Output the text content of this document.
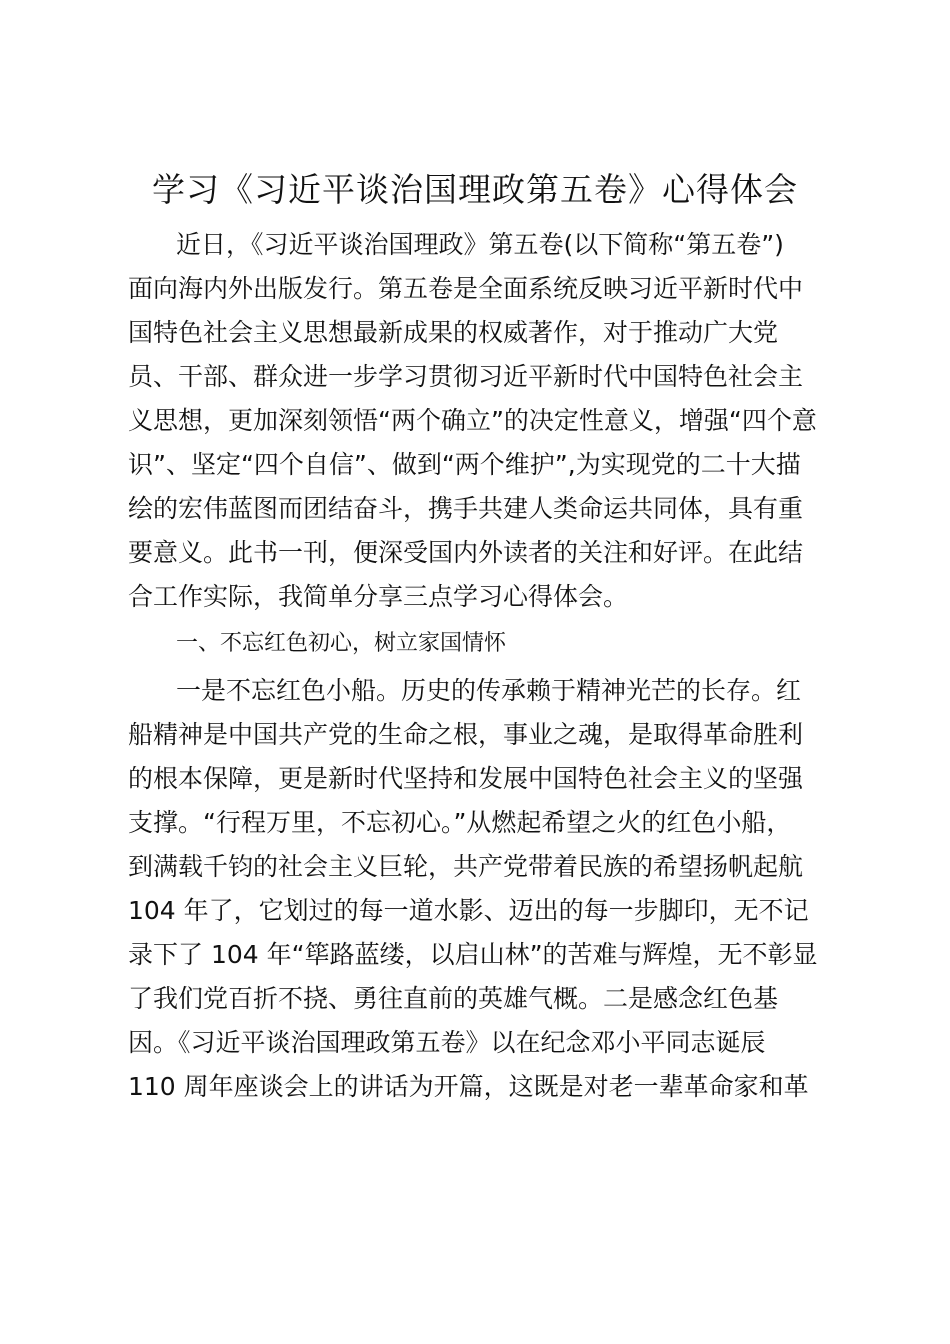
学习《习近平谈治国理政第五卷》心得体会
近日，《习近平谈治国理政》第五卷(以下简称“第五卷”)
面向海内外出版发行。第五卷是全面系统反映习近平新时代中
国特色社会主义思想最新成果的权威著作，对于推动广大党
员、干部、群众进一步学习贯彻习近平新时代中国特色社会主
义思想，更加深刻领悟“两个确立”的决定性意义，增强“四个意
识”、坚定“四个自信”、做到“两个维护”,为实现党的二十大描
绘的宏伟蓝图而团结奋斗，携手共建人类命运共同体，具有重
要意义。此书一刊，便深受国内外读者的关注和好评。在此结
合工作实际，我简单分享三点学习心得体会。
一、不忘红色初心，树立家国情怀
一是不忘红色小船。历史的传承赖于精神光芒的长存。红
船精神是中国共产党的生命之根，事业之魂，是取得革命胜利
的根本保障，更是新时代坚持和发展中国特色社会主义的坚强
支撑。“行程万里，不忘初心。”从燃起希望之火的红色小船，
到满载千钧的社会主义巨轮，共产党带着民族的希望扬帆起航
104 年了，它划过的每一道水影、迈出的每一步脚印，无不记
录下了 104 年“筚路蓝缕，以启山林”的苦难与辉煌，无不彰显
了我们党百折不挠、勇往直前的英雄气概。二是感念红色基
因。《习近平谈治国理政第五卷》以在纪念邓小平同志诞辰
110 周年座谈会上的讲话为开篇，这既是对老一辈革命家和革
